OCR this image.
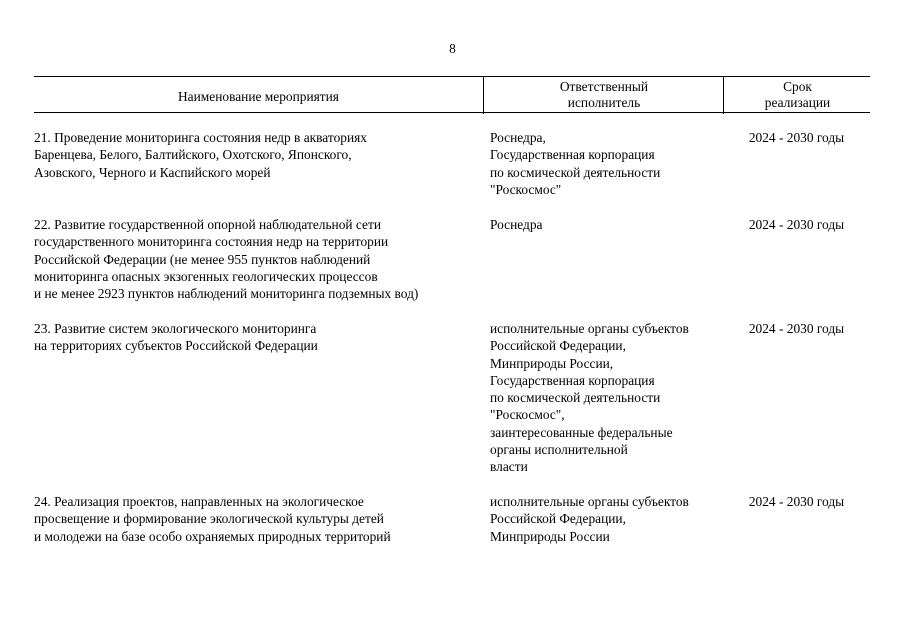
8
Наименование мероприятия
Ответственный
исполнитель
Срок
реализации
21. Проведение мониторинга состояния недр в акваториях
Баренцева, Белого, Балтийского, Охотского, Японского,
Азовского, Черного и Каспийского морей
Роснедра,
Государственная корпорация
по космической деятельности
"Роскосмос"
2024 - 2030 годы
22. Развитие государственной опорной наблюдательной сети
государственного мониторинга состояния недр на территории
Российской Федерации (не менее 955 пунктов наблюдений
мониторинга опасных экзогенных геологических процессов
и не менее 2923 пунктов наблюдений мониторинга подземных вод)
Роснедра	2024 - 2030 годы
23. Развитие систем экологического мониторинга
на территориях субъектов Российской Федерации
исполнительные органы субъектов
Российской Федерации,
Минприроды России,
Государственная корпорация
по космической деятельности
"Роскосмос",
заинтересованные федеральные
органы исполнительной
власти
2024 - 2030 годы
24. Реализация проектов, направленных на экологическое
просвещение и формирование экологической культуры детей
и молодежи на базе особо охраняемых природных территорий
исполнительные органы субъектов
Российской Федерации,
Минприроды России
2024 - 2030 годы
